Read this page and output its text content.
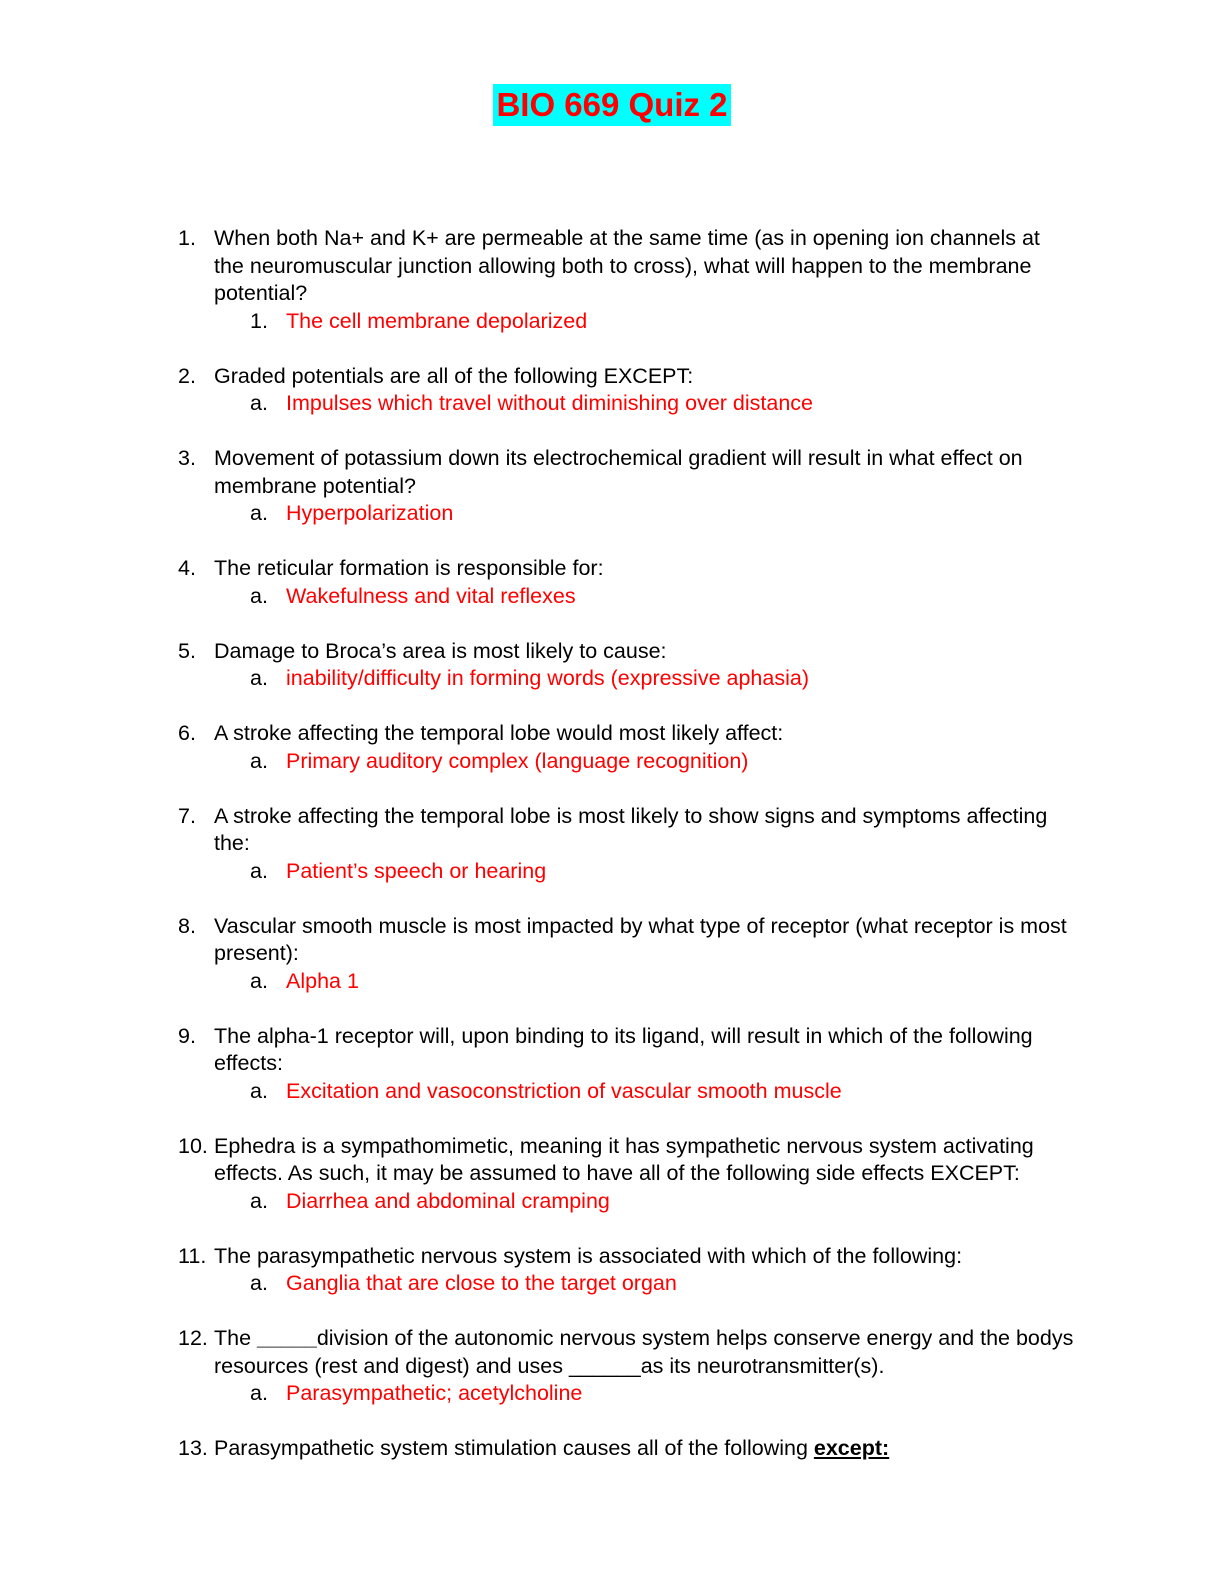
BIO 669 Quiz 2
1. When both Na+ and K+ are permeable at the same time (as in opening ion channels at the neuromuscular junction allowing both to cross), what will happen to the membrane potential?
1. The cell membrane depolarized
2. Graded potentials are all of the following EXCEPT:
a. Impulses which travel without diminishing over distance
3. Movement of potassium down its electrochemical gradient will result in what effect on membrane potential?
a. Hyperpolarization
4. The reticular formation is responsible for:
a. Wakefulness and vital reflexes
5. Damage to Broca’s area is most likely to cause:
a. inability/difficulty in forming words (expressive aphasia)
6. A stroke affecting the temporal lobe would most likely affect:
a. Primary auditory complex (language recognition)
7. A stroke affecting the temporal lobe is most likely to show signs and symptoms affecting the:
a. Patient’s speech or hearing
8. Vascular smooth muscle is most impacted by what type of receptor (what receptor is most present):
a. Alpha 1
9. The alpha-1 receptor will, upon binding to its ligand, will result in which of the following effects:
a. Excitation and vasoconstriction of vascular smooth muscle
10. Ephedra is a sympathomimetic, meaning it has sympathetic nervous system activating effects. As such, it may be assumed to have all of the following side effects EXCEPT:
a. Diarrhea and abdominal cramping
11. The parasympathetic nervous system is associated with which of the following:
a. Ganglia that are close to the target organ
12. The _____division of the autonomic nervous system helps conserve energy and the bodys resources (rest and digest) and uses ______as its neurotransmitter(s).
a. Parasympathetic; acetylcholine
13. Parasympathetic system stimulation causes all of the following except:
